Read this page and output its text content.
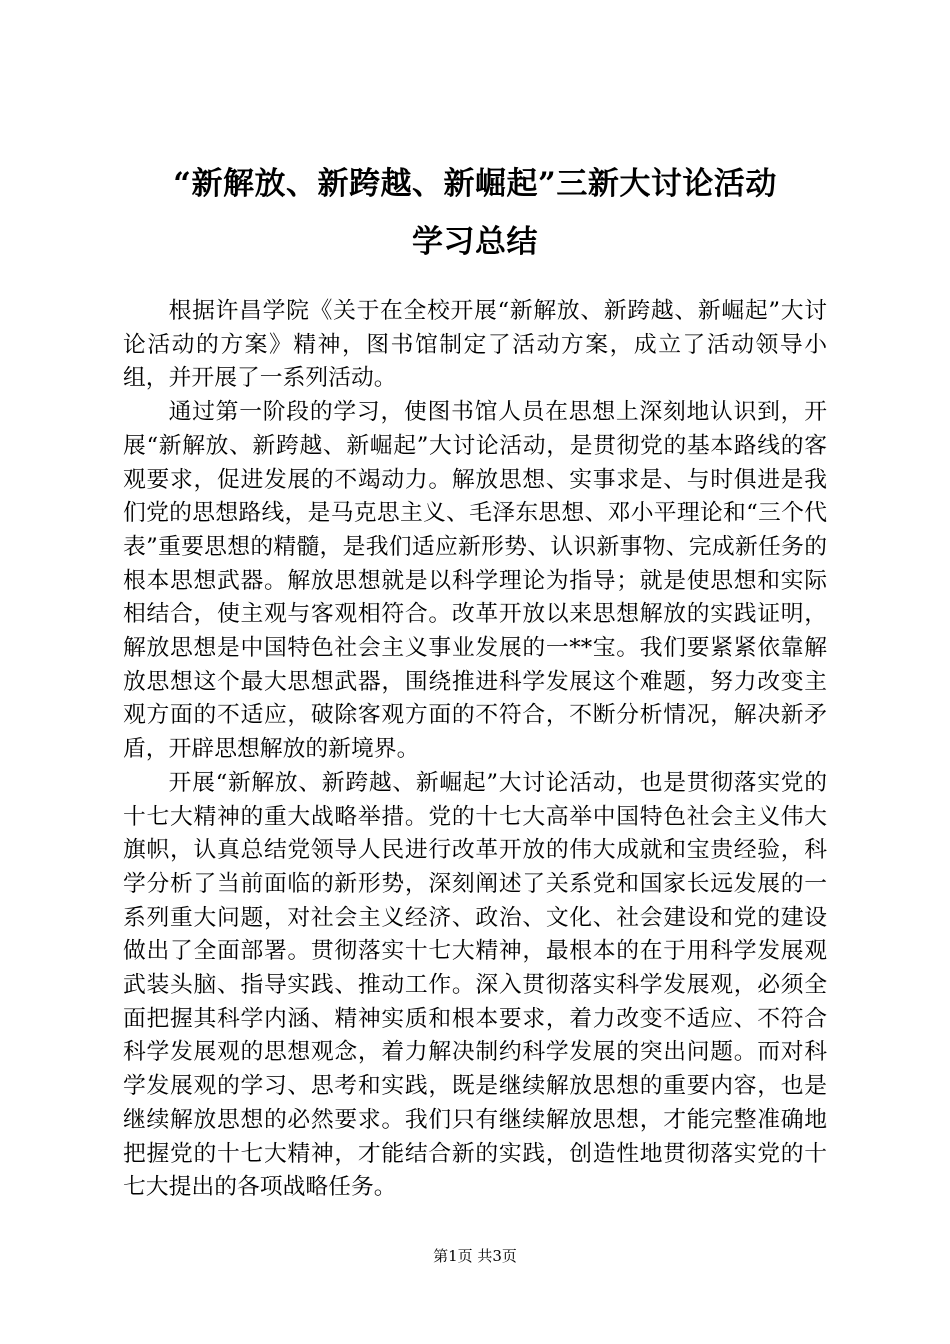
“新解放、新跨越、新崛起”三新大讨论活动
学习总结

根据许昌学院《关于在全校开展“新解放、新跨越、新崛起”大讨论活动的方案》精神，图书馆制定了活动方案，成立了活动领导小组，并开展了一系列活动。

通过第一阶段的学习，使图书馆人员在思想上深刻地认识到，开展“新解放、新跨越、新崛起”大讨论活动，是贯彻党的基本路线的客观要求，促进发展的不竭动力。解放思想、实事求是、与时俱进是我们党的思想路线，是马克思主义、毛泽东思想、邓小平理论和“三个代表”重要思想的精髓，是我们适应新形势、认识新事物、完成新任务的根本思想武器。解放思想就是以科学理论为指导；就是使思想和实际相结合，使主观与客观相符合。改革开放以来思想解放的实践证明，解放思想是中国特色社会主义事业发展的一**宝。我们要紧紧依靠解放思想这个最大思想武器，围绕推进科学发展这个难题，努力改变主观方面的不适应，破除客观方面的不符合，不断分析情况，解决新矛盾，开辟思想解放的新境界。

开展“新解放、新跨越、新崛起”大讨论活动，也是贯彻落实党的十七大精神的重大战略举措。党的十七大高举中国特色社会主义伟大旗帜，认真总结党领导人民进行改革开放的伟大成就和宝贵经验，科学分析了当前面临的新形势，深刻阐述了关系党和国家长远发展的一系列重大问题，对社会主义经济、政治、文化、社会建设和党的建设做出了全面部署。贯彻落实十七大精神，最根本的在于用科学发展观武装头脑、指导实践、推动工作。深入贯彻落实科学发展观，必须全面把握其科学内涵、精神实质和根本要求，着力改变不适应、不符合科学发展观的思想观念，着力解决制约科学发展的突出问题。而对科学发展观的学习、思考和实践，既是继续解放思想的重要内容，也是继续解放思想的必然要求。我们只有继续解放思想，才能完整准确地把握党的十七大精神，才能结合新的实践，创造性地贯彻落实党的十七大提出的各项战略任务。

第1页 共3页
